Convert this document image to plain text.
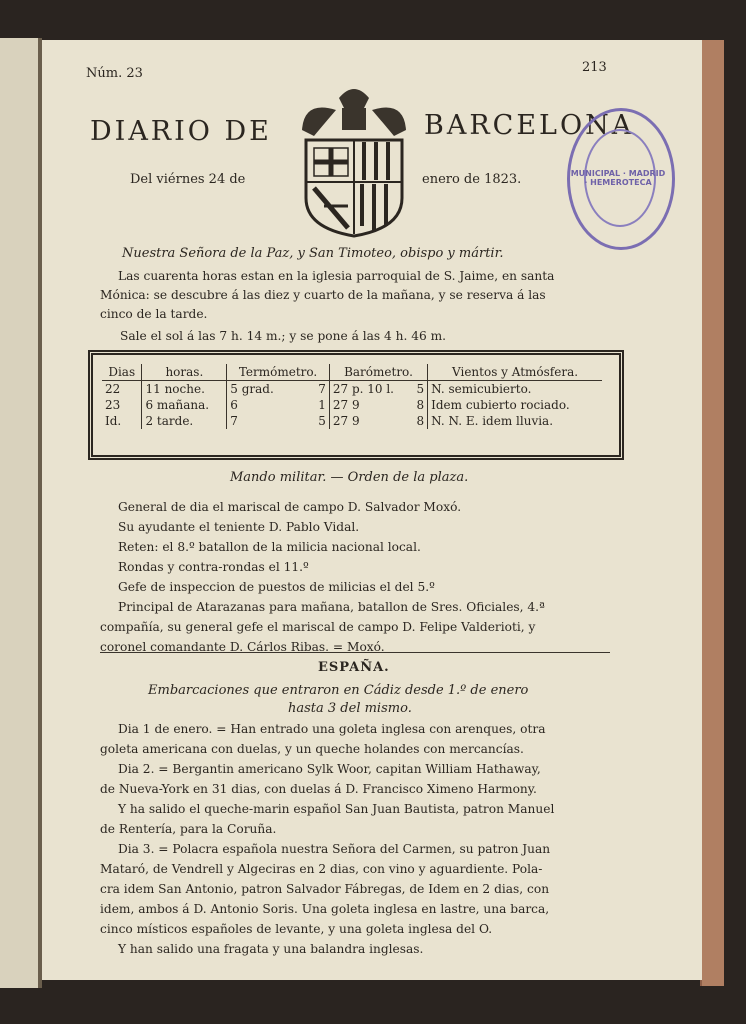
Núm. 23	213
DIARIO DE	BARCELONA
Del viérnes 24 de	enero de 1823.
Nuestra Señora de la Paz, y San Timoteo, obispo y mártir.
Las cuarenta horas estan en la iglesia parroquial de S. Jaime, en santa
Mónica: se descubre á las diez y cuarto de la mañana, y se reserva á las
cinco de la tarde.
Sale el sol á las 7 h. 14 m.; y se pone á las 4 h. 46 m.
MUNICIPAL · MADRID · HEMEROTECA
Dias	horas.	Termómetro.		Barómetro.		Vientos y Atmósfera.
22	11 noche.	5 grad.	7	27 p. 10 l.	5	N. semicubierto.
23	6 mañana.	6	1	27 9	8	Idem cubierto rociado.
Id.	2 tarde.	7	5	27 9	8	N. N. E. idem lluvia.
Mando militar. — Orden de la plaza.
General de dia el mariscal de campo D. Salvador Moxó.
Su ayudante el teniente D. Pablo Vidal.
Reten: el 8.º batallon de la milicia nacional local.
Rondas y contra-rondas el 11.º
Gefe de inspeccion de puestos de milicias el del 5.º
Principal de Atarazanas para mañana, batallon de Sres. Oficiales, 4.ª
compañía, su general gefe el mariscal de campo D. Felipe Valderioti, y
coronel comandante D. Cárlos Ribas. = Moxó.
ESPAÑA.
Embarcaciones que entraron en Cádiz desde 1.º de enero
hasta 3 del mismo.
Dia 1 de enero. = Han entrado una goleta inglesa con arenques, otra
goleta americana con duelas, y un queche holandes con mercancías.
Dia 2. = Bergantin americano Sylk Woor, capitan William Hathaway,
de Nueva-York en 31 dias, con duelas á D. Francisco Ximeno Harmony.
Y ha salido el queche-marin español San Juan Bautista, patron Manuel
de Rentería, para la Coruña.
Dia 3. = Polacra española nuestra Señora del Carmen, su patron Juan
Mataró, de Vendrell y Algeciras en 2 dias, con vino y aguardiente. Pola-
cra idem San Antonio, patron Salvador Fábregas, de Idem en 2 dias, con
idem, ambos á D. Antonio Soris. Una goleta inglesa en lastre, una barca,
cinco místicos españoles de levante, y una goleta inglesa del O.
Y han salido una fragata y una balandra inglesas.
